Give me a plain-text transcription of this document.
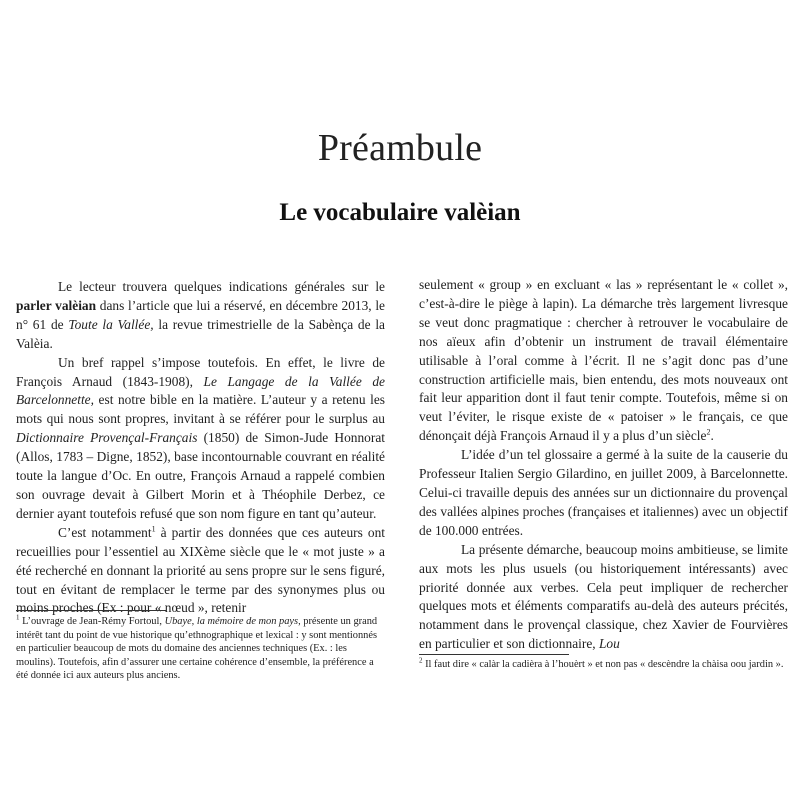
Préambule
Le vocabulaire valèian

Le lecteur trouvera quelques indications générales sur le parler valèian dans l’article que lui a réservé, en décembre 2013, le n° 61 de Toute la Vallée, la revue trimestrielle de la Sabènça de la Valèia.

Un bref rappel s’impose toutefois. En effet, le livre de François Arnaud (1843-1908), Le Langage de la Vallée de Barcelonnette, est notre bible en la matière. L’auteur y a retenu les mots qui nous sont propres, invitant à se référer pour le surplus au Dictionnaire Provençal-Français (1850) de Simon-Jude Honnorat (Allos, 1783 – Digne, 1852), base incontournable couvrant en réalité toute la langue d’Oc. En outre, François Arnaud a rappelé combien son ouvrage devait à Gilbert Morin et à Théophile Derbez, ce dernier ayant toutefois refusé que son nom figure en tant qu’auteur.

C’est notamment$^1$ à partir des données que ces auteurs ont recueillies pour l’essentiel au XIXème siècle que le « mot juste » a été recherché en donnant la priorité au sens propre sur le sens figuré, tout en évitant de remplacer le terme par des synonymes plus ou moins proches (Ex : pour « nœud », retenir

seulement « group » en excluant « las » représentant le « collet », c’est-à-dire le piège à lapin). La démarche très largement livresque se veut donc pragmatique : chercher à retrouver le vocabulaire de nos aïeux afin d’obtenir un instrument de travail élémentaire utilisable à l’oral comme à l’écrit. Il ne s’agit donc pas d’une construction artificielle mais, bien entendu, des mots nouveaux ont fait leur apparition dont il faut tenir compte. Toutefois, même si on veut l’éviter, le risque existe de « patoiser » le français, ce que dénonçait déjà François Arnaud il y a plus d’un siècle$^2$.

L’idée d’un tel glossaire a germé à la suite de la causerie du Professeur Italien Sergio Gilardino, en juillet 2009, à Barcelonnette. Celui-ci travaille depuis des années sur un dictionnaire du provençal des vallées alpines proches (françaises et italiennes) avec un objectif de 100.000 entrées.

La présente démarche, beaucoup moins ambitieuse, se limite aux mots les plus usuels (ou historiquement intéressants) avec priorité donnée aux verbes. Cela peut impliquer de rechercher quelques mots et éléments comparatifs au-delà des auteurs précités, notamment dans le provençal classique, chez Xavier de Fourvières en particulier et son dictionnaire, Lou

$^1$ L’ouvrage de Jean-Rémy Fortoul, Ubaye, la mémoire de mon pays, présente un grand intérêt tant du point de vue historique qu’ethnographique et lexical : y sont mentionnés en particulier beaucoup de mots du domaine des anciennes techniques (Ex. : les moulins). Toutefois, afin d’assurer une certaine cohérence d’ensemble, la préférence a été donnée ici aux auteurs plus anciens.
$^2$ Il faut dire « calàr la cadièra à l’houèrt » et non pas « descèndre la chàisa oou jardin ».
